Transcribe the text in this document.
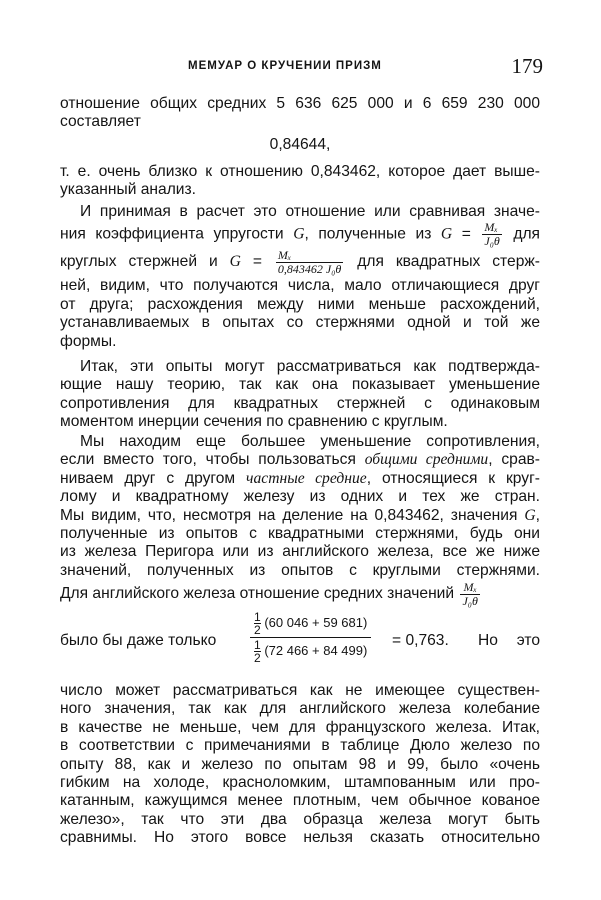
МЕМУАР О КРУЧЕНИИ ПРИЗМ	179
отношение общих средних 5 636 625 000 и 6 659 230 000
составляет
0,84644,
т. е. очень близко к отношению 0,843462, которое дает выше-
указанный анализ.
И принимая в расчет это отношение или сравнивая значе-
ния коэффициента упругости G, полученные из $G = \frac{\text{Mₓ}}{\text{J₀θ}}$ для
круглых стержней и $G = \frac{\text{Mₓ}}{\text{0,843462 J₀θ}}$ для квадратных стерж-
ней, видим, что получаются числа, мало отличающиеся друг
от друга; расхождения между ними меньше расхождений,
устанавливаемых в опытах со стержнями одной и той же
формы.
Итак, эти опыты могут рассматриваться как подтвержда-
ющие нашу теорию, так как она показывает уменьшение
сопротивления для квадратных стержней с одинаковым
моментом инерции сечения по сравнению с круглым.
Мы находим еще большее уменьшение сопротивления,
если вместо того, чтобы пользоваться общими средними, срав-
ниваем друг с другом частные средние, относящиеся к круг-
лому и квадратному железу из одних и тех же стран.
Мы видим, что, несмотря на деление на 0,843462, значения G,
полученные из опытов с квадратными стержнями, будь они
из железа Перигора или из английского железа, все же ниже
значений, полученных из опытов с круглыми стержнями.
Для английского железа отношение средних значений $\frac{\text{Mₓ}}{\text{J₀θ}}$
было бы даже только	$\frac{\frac{1}{2} (60 046 + 59 681)}{\frac{1}{2} (72 466 + 84 499)} = 0,763$. Но это
число может рассматриваться как не имеющее существен-
ного значения, так как для английского железа колебание
в качестве не меньше, чем для французского железа. Итак,
в соответствии с примечаниями в таблице Дюло железо по
опыту 88, как и железо по опытам 98 и 99, было «очень
гибким на холоде, красноломким, штампованным или про-
катанным, кажущимся менее плотным, чем обычное кованое
железо», так что эти два образца железа могут быть
сравнимы. Но этого вовсе нельзя сказать относительно
